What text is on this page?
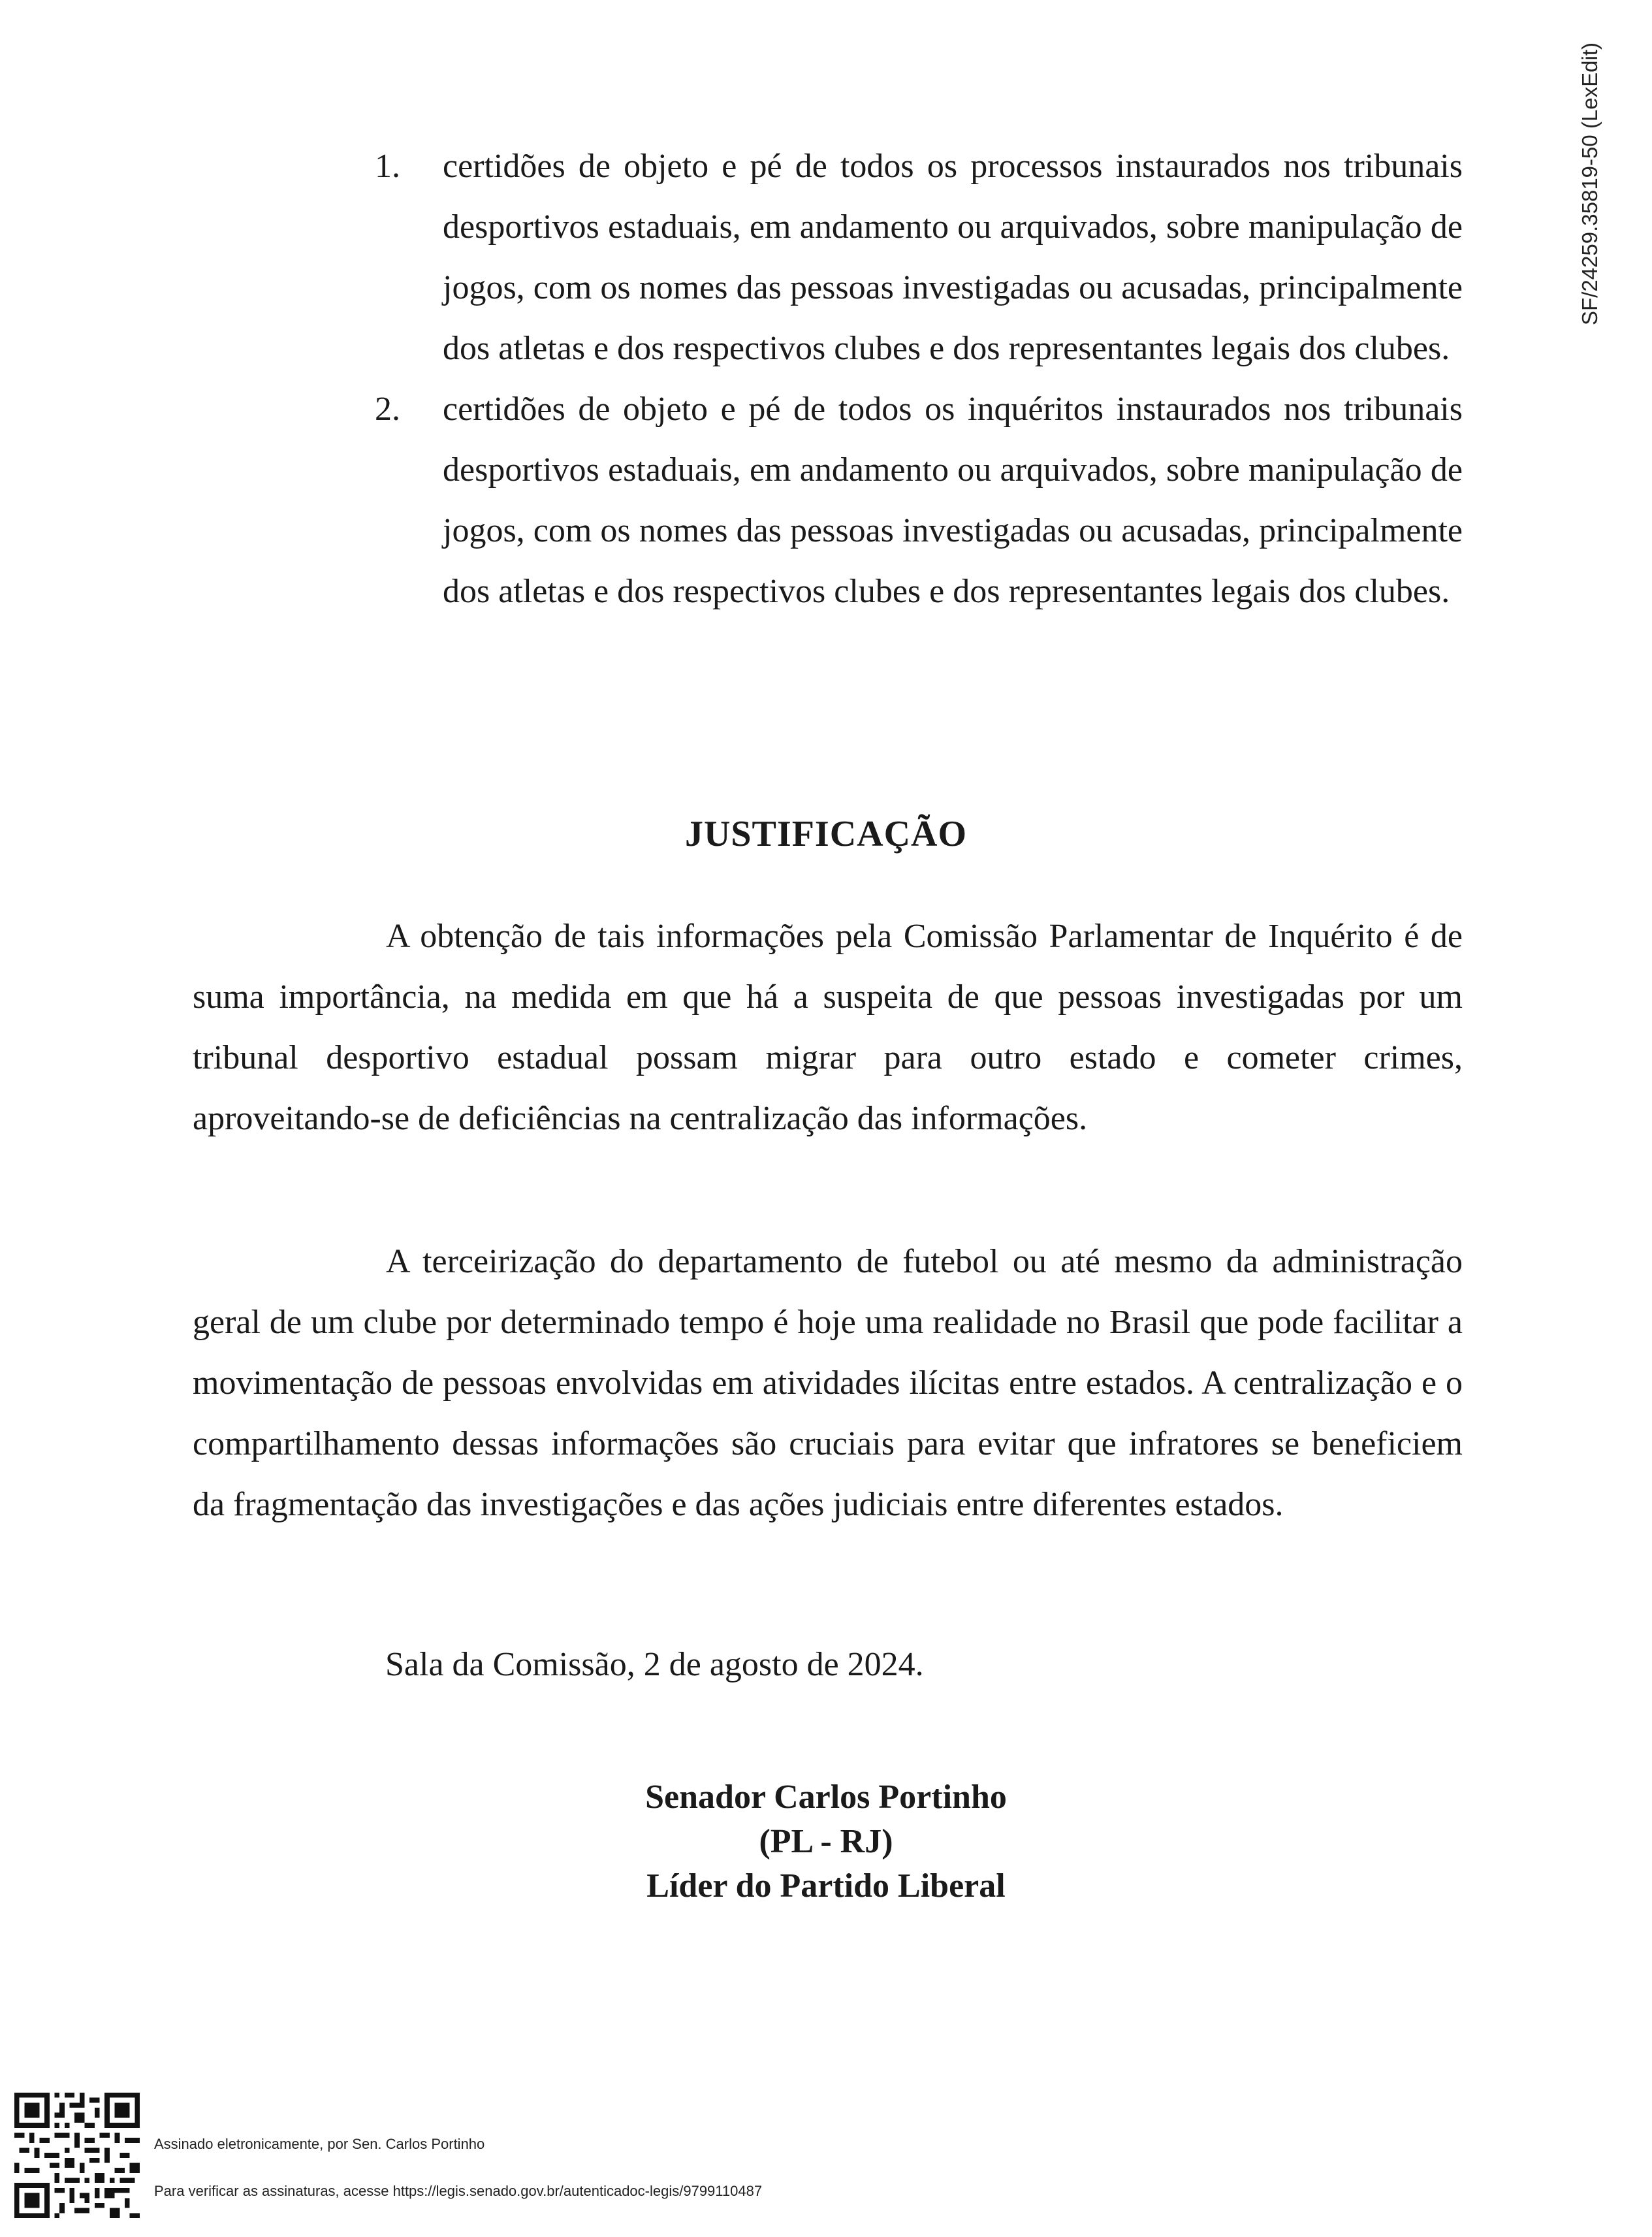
SF/24259.35819-50 (LexEdit)
1.	certidões de objeto e pé de todos os processos instaurados nos tribunais desportivos estaduais, em andamento ou arquivados, sobre manipulação de jogos, com os nomes das pessoas investigadas ou acusadas, principalmente dos atletas e dos respectivos clubes e dos representantes legais dos clubes.
2.	certidões de objeto e pé de todos os inquéritos instaurados nos tribunais desportivos estaduais, em andamento ou arquivados, sobre manipulação de jogos, com os nomes das pessoas investigadas ou acusadas, principalmente dos atletas e dos respectivos clubes e dos representantes legais dos clubes.
JUSTIFICAÇÃO
A obtenção de tais informações pela Comissão Parlamentar de Inquérito é de suma importância, na medida em que há a suspeita de que pessoas investigadas por um tribunal desportivo estadual possam migrar para outro estado e cometer crimes, aproveitando-se de deficiências na centralização das informações.
A terceirização do departamento de futebol ou até mesmo da administração geral de um clube por determinado tempo é hoje uma realidade no Brasil que pode facilitar a movimentação de pessoas envolvidas em atividades ilícitas entre estados. A centralização e o compartilhamento dessas informações são cruciais para evitar que infratores se beneficiem da fragmentação das investigações e das ações judiciais entre diferentes estados.
Sala da Comissão, 2 de agosto de 2024.
Senador Carlos Portinho
(PL - RJ)
Líder do Partido Liberal
Assinado eletronicamente, por Sen. Carlos Portinho
Para verificar as assinaturas, acesse https://legis.senado.gov.br/autenticadoc-legis/9799110487
